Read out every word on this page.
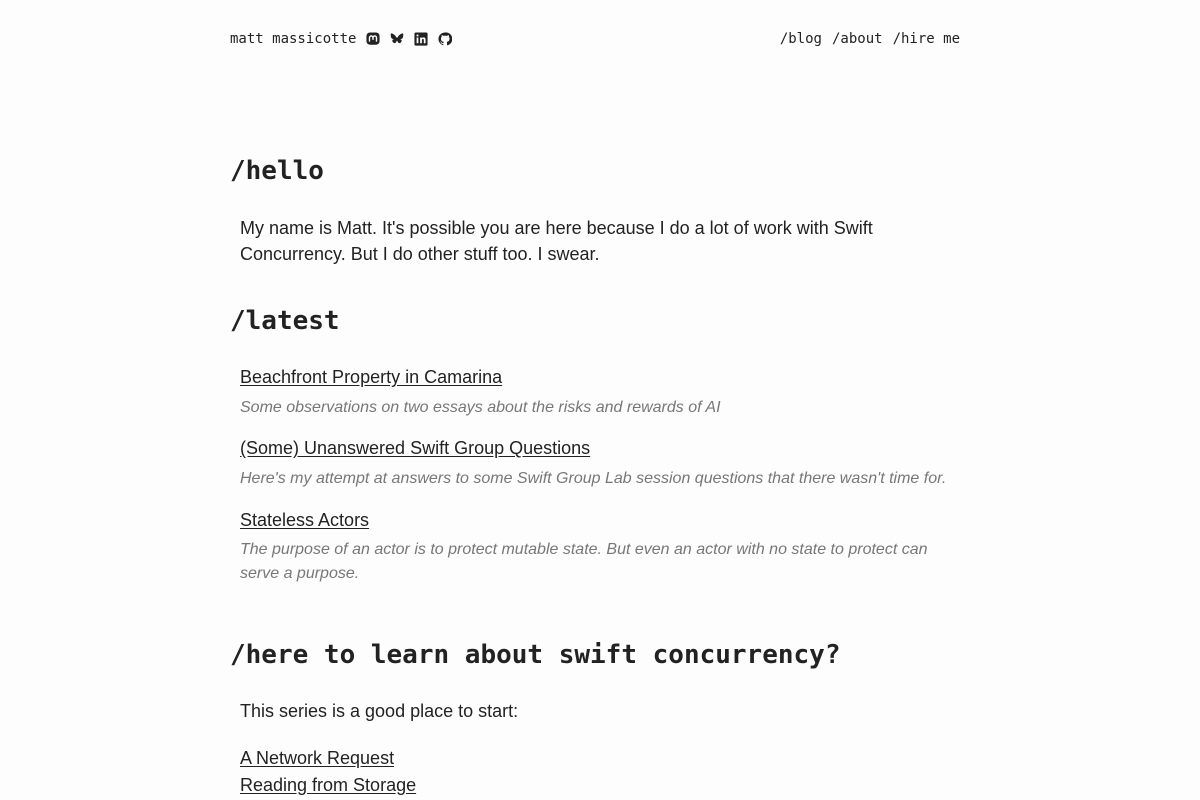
matt massicotte	/blog /about /hire me
/hello

My name is Matt. It's possible you are here because I do a lot of work with Swift Concurrency. But I do other stuff too. I swear.

/latest
Beachfront Property in Camarina

Some observations on two essays about the risks and rewards of AI

(Some) Unanswered Swift Group Questions

Here's my attempt at answers to some Swift Group Lab session questions that there wasn't time for.

Stateless Actors

The purpose of an actor is to protect mutable state. But even an actor with no state to protect can serve a purpose.

/here to learn about swift concurrency?

This series is a good place to start:

A Network Request
Reading from Storage
